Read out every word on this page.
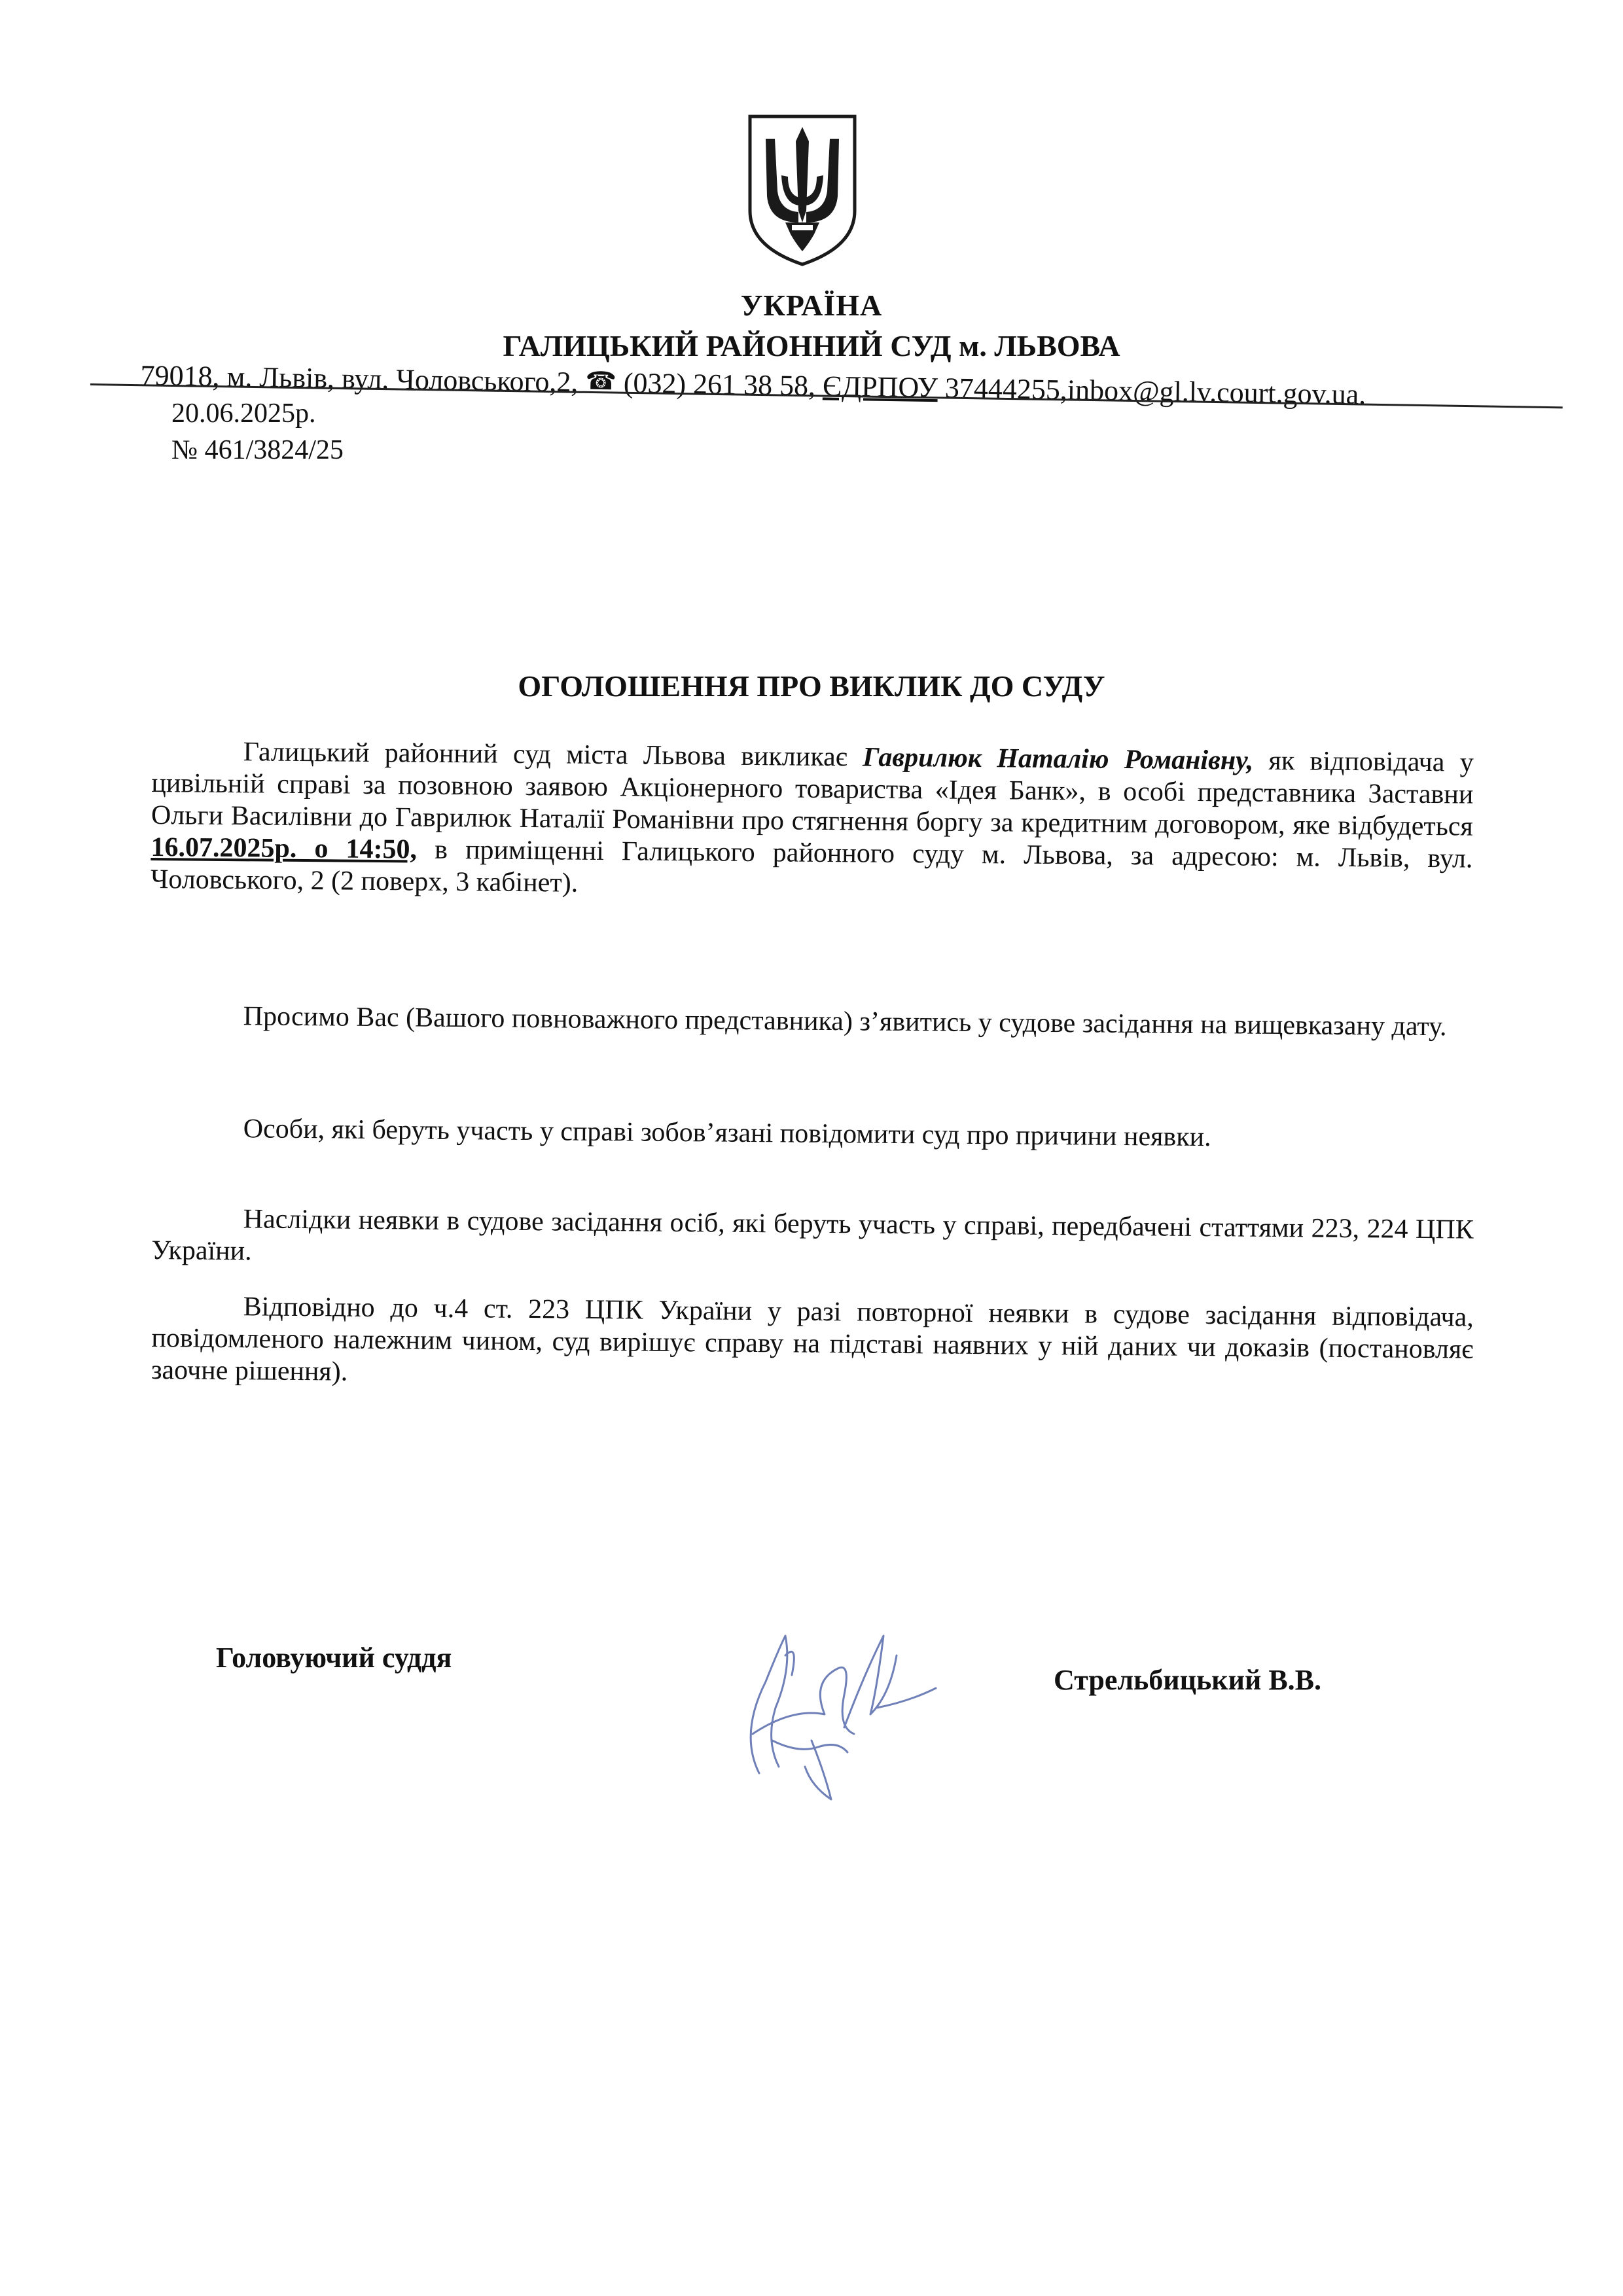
УКРАЇНА
ГАЛИЦЬКИЙ РАЙОННИЙ СУД м. ЛЬВОВА
79018, м. Львів, вул. Чоловського,2, ☎ (032) 261 38 58, ЄДРПОУ 37444255,inbox@gl.lv.court.gov.ua.
20.06.2025р.
№ 461/3824/25
ОГОЛОШЕННЯ ПРО ВИКЛИК ДО СУДУ

Галицький районний суд міста Львова викликає Гаврилюк Наталію Романівну, як відповідача у цивільній справі за позовною заявою Акціонерного товариства «Ідея Банк», в особі представника Заставни Ольги Василівни до Гаврилюк Наталії Романівни про стягнення боргу за кредитним договором, яке відбудеться 16.07.2025р. о 14:50, в приміщенні Галицького районного суду м. Львова, за адресою: м. Львів, вул. Чоловського, 2 (2 поверх, 3 кабінет).

Просимо Вас (Вашого повноважного представника) з’явитись у судове засідання на вищевказану дату.

Особи, які беруть участь у справі зобов’язані повідомити суд про причини неявки.

Наслідки неявки в судове засідання осіб, які беруть участь у справі, передбачені статтями 223, 224 ЦПК України.

Відповідно до ч.4 ст. 223 ЦПК України у разі повторної неявки в судове засідання відповідача, повідомленого належним чином, суд вирішує справу на підставі наявних у ній даних чи доказів (постановляє заочне рішення).

Головуючий суддя
Стрельбицький В.В.
